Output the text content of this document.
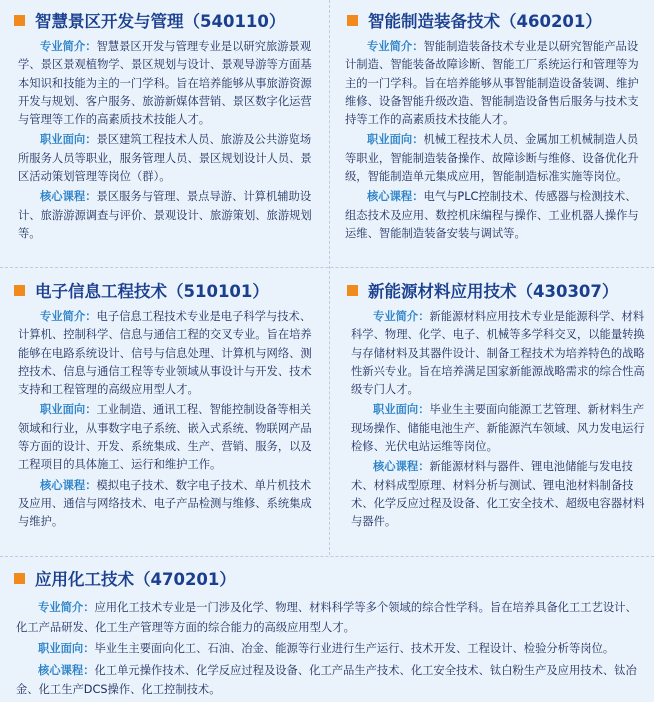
智慧景区开发与管理（540110）
专业简介：智慧景区开发与管理专业是以研究旅游景观学、景区景观植物学、景区规划与设计、景观导游等方面基本知识和技能为主的一门学科。旨在培养能够从事旅游资源开发与规划、客户服务、旅游新媒体营销、景区数字化运营与管理等工作的高素质技术技能人才。
职业面向：景区建筑工程技术人员、旅游及公共游览场所服务人员等职业，服务管理人员、景区规划设计人员、景区活动策划管理等岗位（群）。
核心课程：景区服务与管理、景点导游、计算机辅助设计、旅游游源调查与评价、景观设计、旅游策划、旅游规划等。
智能制造装备技术（460201）
专业简介：智能制造装备技术专业是以研究智能产品设计制造、智能装备故障诊断、智能工厂系统运行和管理等为主的一门学科。旨在培养能够从事智能制造设备装调、维护维修、设备智能升级改造、智能制造设备售后服务与技术支持等工作的高素质技术技能人才。
职业面向：机械工程技术人员、金属加工机械制造人员等职业，智能制造装备操作、故障诊断与维修、设备优化升级，智能制造单元集成应用，智能制造标准实施等岗位。
核心课程：电气与PLC控制技术、传感器与检测技术、组态技术及应用、数控机床编程与操作、工业机器人操作与运维、智能制造装备安装与调试等。
电子信息工程技术（510101）
专业简介：电子信息工程技术专业是电子科学与技术、计算机、控制科学、信息与通信工程的交叉专业。旨在培养能够在电路系统设计、信号与信息处理、计算机与网络、测控技术、信息与通信工程等专业领域从事设计与开发、技术支持和工程管理的高级应用型人才。
职业面向：工业制造、通讯工程、智能控制设备等相关领域和行业，从事数字电子系统、嵌入式系统、物联网产品等方面的设计、开发、系统集成、生产、营销、服务，以及工程项目的具体施工、运行和维护工作。
核心课程：模拟电子技术、数字电子技术、单片机技术及应用、通信与网络技术、电子产品检测与维修、系统集成与维护。
新能源材料应用技术（430307）
专业简介：新能源材料应用技术专业是能源科学、材料科学、物理、化学、电子、机械等多学科交叉，以能量转换与存储材料及其器件设计、制备工程技术为培养特色的战略性新兴专业。旨在培养满足国家新能源战略需求的综合性高级专门人才。
职业面向：毕业生主要面向能源工艺管理、新材料生产现场操作、储能电池生产、新能源汽车领域、风力发电运行检修、光伏电站运维等岗位。
核心课程：新能源材料与器件、锂电池储能与发电技术、材料成型原理、材料分析与测试、锂电池材料制备技术、化学反应过程及设备、化工安全技术、超级电容器材料与器件。
应用化工技术（470201）
专业简介：应用化工技术专业是一门涉及化学、物理、材料科学等多个领域的综合性学科。旨在培养具备化工工艺设计、化工产品研发、化工生产管理等方面的综合能力的高级应用型人才。
职业面向：毕业生主要面向化工、石油、冶金、能源等行业进行生产运行、技术开发、工程设计、检验分析等岗位。
核心课程：化工单元操作技术、化学反应过程及设备、化工产品生产技术、化工安全技术、钛白粉生产及应用技术、钛冶金、化工生产DCS操作、化工控制技术。
